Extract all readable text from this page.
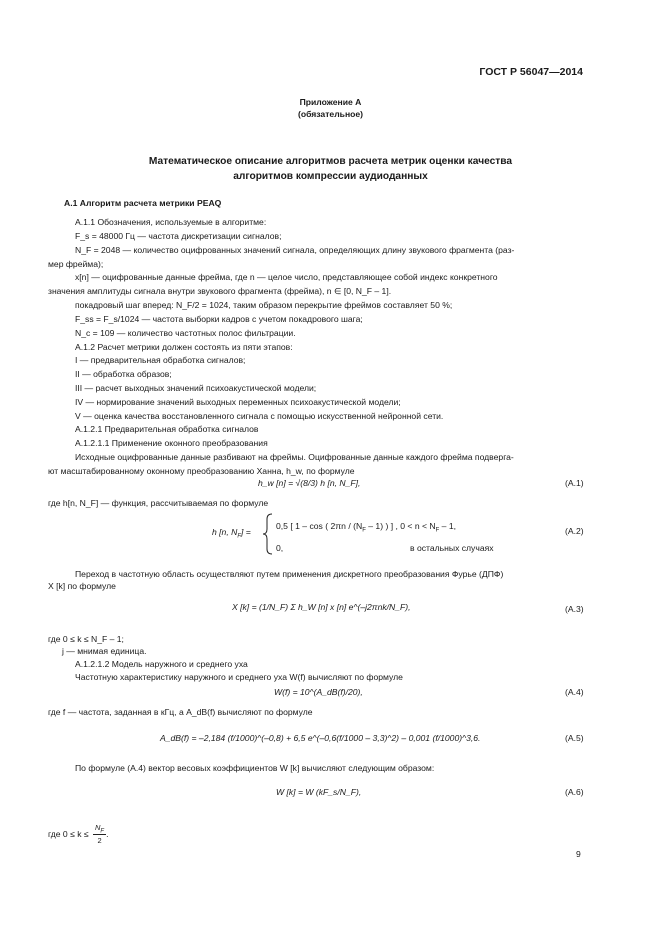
ГОСТ Р 56047—2014
Приложение А
(обязательное)
Математическое описание алгоритмов расчета метрик оценки качества
алгоритмов компрессии аудиоданных
А.1 Алгоритм расчета метрики PEAQ
А.1.1 Обозначения, используемые в алгоритме:
F_s = 48000 Гц — частота дискретизации сигналов;
N_F = 2048 — количество оцифрованных значений сигнала, определяющих длину звукового фрагмента (раз-
мер фрейма);
x[n] — оцифрованные данные фрейма, где n — целое число, представляющее собой индекс конкретного
значения амплитуды сигнала внутри звукового фрагмента (фрейма), n ∈ [0, N_F – 1].
покадровый шаг вперед: N_F/2 = 1024, таким образом перекрытие фреймов составляет 50 %;
F_ss = F_s/1024 — частота выборки кадров с учетом покадрового шага;
N_c = 109 — количество частотных полос фильтрации.
А.1.2 Расчет метрики должен состоять из пяти этапов:
I — предварительная обработка сигналов;
II — обработка образов;
III — расчет выходных значений психоакустической модели;
IV — нормирование значений выходных переменных психоакустической модели;
V — оценка качества восстановленного сигнала с помощью искусственной нейронной сети.
А.1.2.1 Предварительная обработка сигналов
А.1.2.1.1 Применение оконного преобразования
Исходные оцифрованные данные разбивают на фреймы. Оцифрованные данные каждого фрейма подверга-
ют масштабированному оконному преобразованию Ханна, h_w, по формуле
h_w [n] = √(8/3) h [n, N_F],	(А.1)
где h[n, N_F] — функция, рассчитываемая по формуле
h [n, $N_F$] =
0,5 [ 1 – cos ( $2\pi n / (N_F - 1)$ ) ] , $0 < n < N_F - 1$,
0,	в остальных случаях
(А.2)
Переход в частотную область осуществляют путем применения дискретного преобразования Фурье (ДПФ)
X [k] по формуле
X [k] = (1/N_F) Σ h_W [n] x [n] e^(–j2πnk/N_F),	(А.3)
где 0 ≤ k ≤ N_F – 1;
j — мнимая единица.
А.1.2.1.2 Модель наружного и среднего уха
Частотную характеристику наружного и среднего уха W(f) вычисляют по формуле
W(f) = 10^(A_dB(f)/20),	(А.4)
где f — частота, заданная в кГц, а A_dB(f) вычисляют по формуле
A_dB(f) = –2,184 (f/1000)^(–0,8) + 6,5 e^(–0,6(f/1000 – 3,3)^2) – 0,001 (f/1000)^3,6.	(А.5)
По формуле (А.4) вектор весовых коэффициентов W [k] вычисляют следующим образом:
W [k] = W (kF_s/N_F),	(А.6)
где $0 \le k \le \frac{N_F}{2}$ .
9
